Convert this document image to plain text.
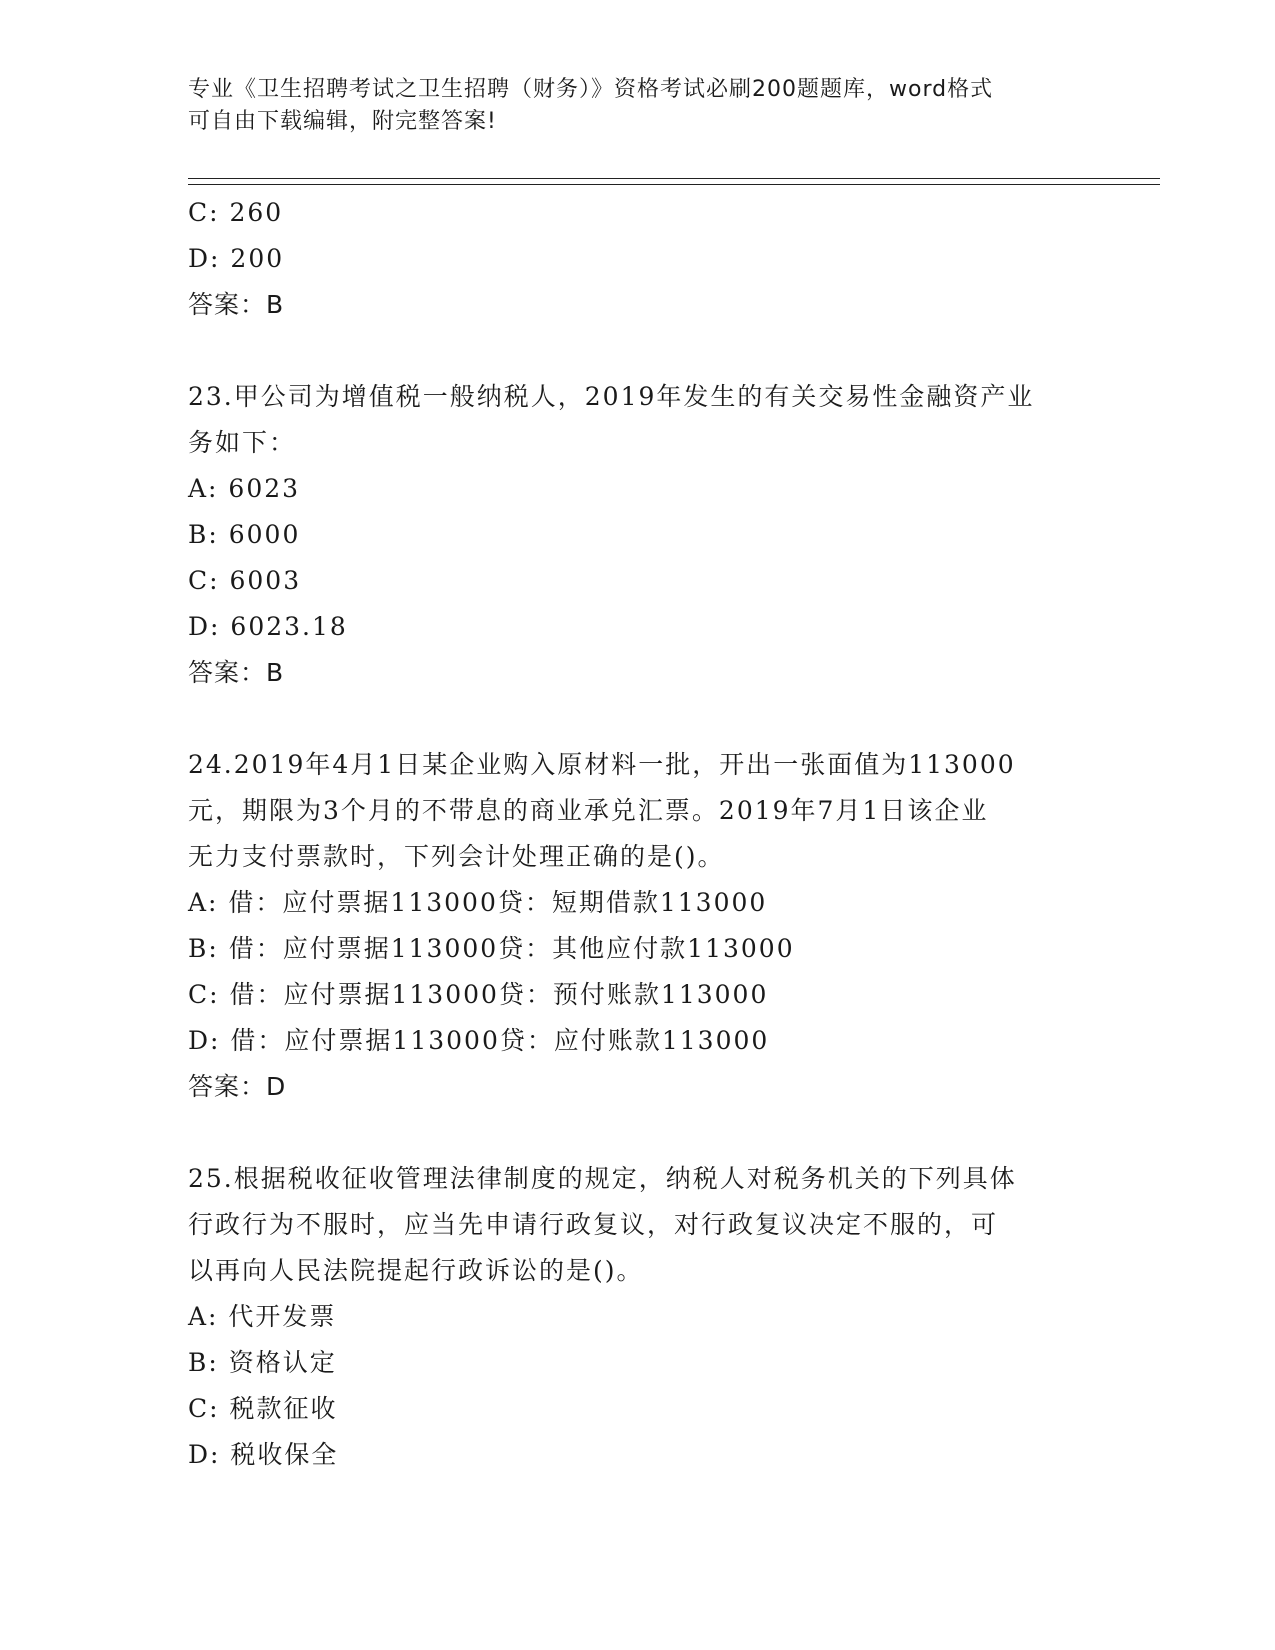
专业《卫生招聘考试之卫生招聘（财务）》资格考试必刷200题题库，word格式
可自由下载编辑，附完整答案!
C: 260
D: 200
答案：B
23.甲公司为增值税一般纳税人，2019年发生的有关交易性金融资产业
务如下：
A: 6023
B: 6000
C: 6003
D: 6023.18
答案：B
24.2019年4月1日某企业购入原材料一批，开出一张面值为113000
元，期限为3个月的不带息的商业承兑汇票。2019年7月1日该企业
无力支付票款时，下列会计处理正确的是()。
A: 借：应付票据113000贷：短期借款113000
B: 借：应付票据113000贷：其他应付款113000
C: 借：应付票据113000贷：预付账款113000
D: 借：应付票据113000贷：应付账款113000
答案：D
25.根据税收征收管理法律制度的规定，纳税人对税务机关的下列具体
行政行为不服时，应当先申请行政复议，对行政复议决定不服的，可
以再向人民法院提起行政诉讼的是()。
A: 代开发票
B: 资格认定
C: 税款征收
D: 税收保全
